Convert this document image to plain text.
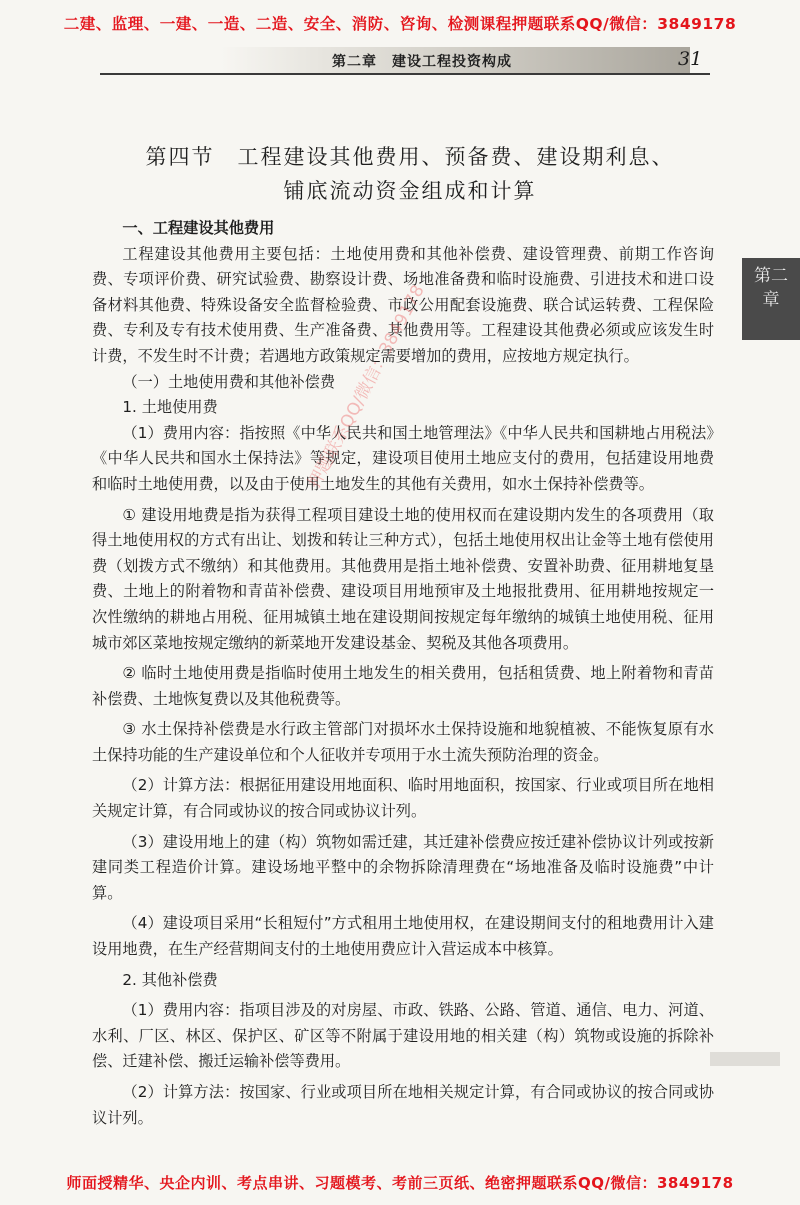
二建、监理、一建、一造、二造、安全、消防、咨询、检测课程押题联系QQ/微信：3849178
第二章　建设工程投资构成	31
第二
章
第四节　工程建设其他费用、预备费、建设期利息、
铺底流动资金组成和计算

一、工程建设其他费用

工程建设其他费用主要包括：土地使用费和其他补偿费、建设管理费、前期工作咨询费、专项评价费、研究试验费、勘察设计费、场地准备费和临时设施费、引进技术和进口设备材料其他费、特殊设备安全监督检验费、市政公用配套设施费、联合试运转费、工程保险费、专利及专有技术使用费、生产准备费、其他费用等。工程建设其他费必须或应该发生时计费，不发生时不计费；若遇地方政策规定需要增加的费用，应按地方规定执行。

（一）土地使用费和其他补偿费

1. 土地使用费

（1）费用内容：指按照《中华人民共和国土地管理法》《中华人民共和国耕地占用税法》《中华人民共和国水土保持法》等规定，建设项目使用土地应支付的费用，包括建设用地费和临时土地使用费，以及由于使用土地发生的其他有关费用，如水土保持补偿费等。

① 建设用地费是指为获得工程项目建设土地的使用权而在建设期内发生的各项费用（取得土地使用权的方式有出让、划拨和转让三种方式），包括土地使用权出让金等土地有偿使用费（划拨方式不缴纳）和其他费用。其他费用是指土地补偿费、安置补助费、征用耕地复垦费、土地上的附着物和青苗补偿费、建设项目用地预审及土地报批费用、征用耕地按规定一次性缴纳的耕地占用税、征用城镇土地在建设期间按规定每年缴纳的城镇土地使用税、征用城市郊区菜地按规定缴纳的新菜地开发建设基金、契税及其他各项费用。

② 临时土地使用费是指临时使用土地发生的相关费用，包括租赁费、地上附着物和青苗补偿费、土地恢复费以及其他税费等。

③ 水土保持补偿费是水行政主管部门对损坏水土保持设施和地貌植被、不能恢复原有水土保持功能的生产建设单位和个人征收并专项用于水土流失预防治理的资金。

（2）计算方法：根据征用建设用地面积、临时用地面积，按国家、行业或项目所在地相关规定计算，有合同或协议的按合同或协议计列。

（3）建设用地上的建（构）筑物如需迁建，其迁建补偿费应按迁建补偿协议计列或按新建同类工程造价计算。建设场地平整中的余物拆除清理费在“场地准备及临时设施费”中计算。

（4）建设项目采用“长租短付”方式租用土地使用权，在建设期间支付的租地费用计入建设用地费，在生产经营期间支付的土地使用费应计入营运成本中核算。

2. 其他补偿费

（1）费用内容：指项目涉及的对房屋、市政、铁路、公路、管道、通信、电力、河道、水利、厂区、林区、保护区、矿区等不附属于建设用地的相关建（构）筑物或设施的拆除补偿、迁建补偿、搬迁运输补偿等费用。

（2）计算方法：按国家、行业或项目所在地相关规定计算，有合同或协议的按合同或协议计列。

押题联系QQ/微信：3849178
师面授精华、央企内训、考点串讲、习题模考、考前三页纸、绝密押题联系QQ/微信：3849178
